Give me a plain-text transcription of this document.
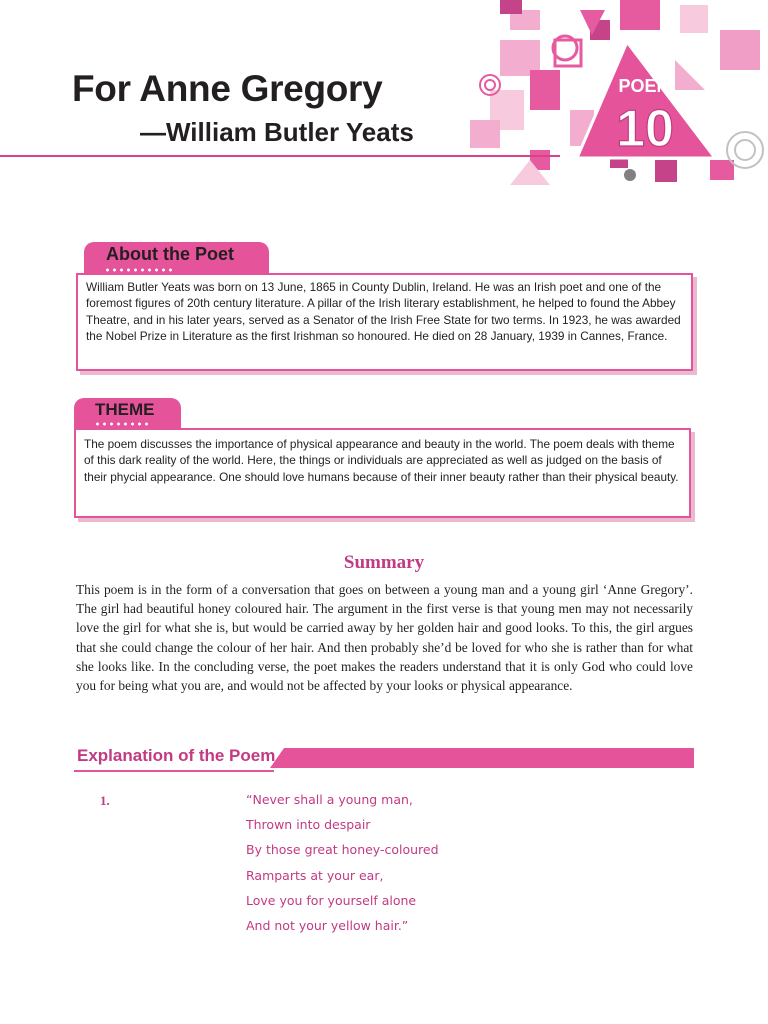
POEM
10
For Anne Gregory
—William Butler Yeats
About the Poet

William Butler Yeats was born on 13 June, 1865 in County Dublin, Ireland. He was an Irish poet and one of the foremost figures of 20th century literature. A pillar of the Irish literary establishment, he helped to found the Abbey Theatre, and in his later years, served as a Senator of the Irish Free State for two terms. In 1923, he was awarded the Nobel Prize in Literature as the first Irishman so honoured. He died on 28 January, 1939 in Cannes, France.

THEME

The poem discusses the importance of physical appearance and beauty in the world. The poem deals with theme of this dark reality of the world. Here, the things or individuals are appreciated as well as judged on the basis of their phycial appearance. One should love humans because of their inner beauty rather than their physical beauty.

Summary

This poem is in the form of a conversation that goes on between a young man and a young girl ‘Anne Gregory’. The girl had beautiful honey coloured hair. The argument in the first verse is that young men may not necessarily love the girl for what she is, but would be carried away by her golden hair and good looks. To this, the girl argues that she could change the colour of her hair. And then probably she’d be loved for who she is rather than for what she looks like. In the concluding verse, the poet makes the readers understand that it is only God who could love you for being what you are, and would not be affected by your looks or physical appearance.

Explanation of the Poem

1.	“Never shall a young man,
Thrown into despair
By those great honey-coloured
Ramparts at your ear,
Love you for yourself alone
And not your yellow hair.”
